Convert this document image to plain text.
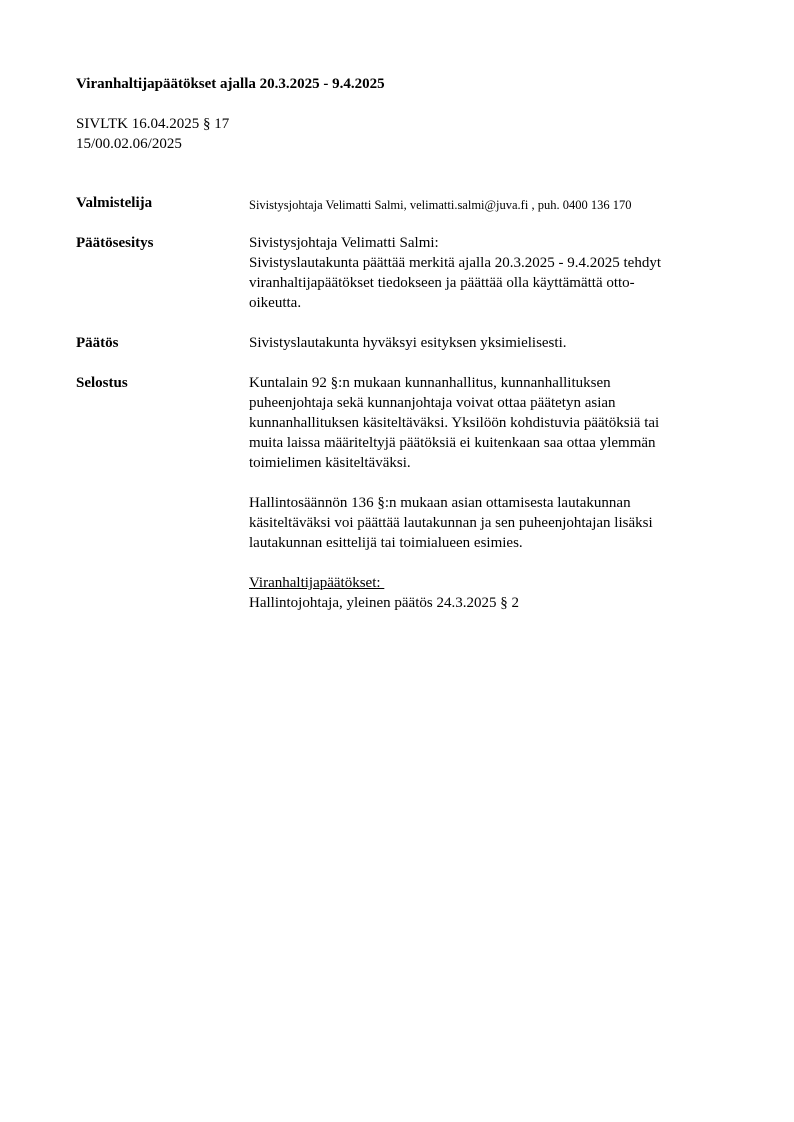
Viranhaltijapäätökset ajalla 20.3.2025 - 9.4.2025
SIVLTK 16.04.2025 § 17
15/00.02.06/2025
Valmistelija	Sivistysjohtaja Velimatti Salmi, velimatti.salmi@juva.fi , puh. 0400 136 170
Päätösesitys	Sivistysjohtaja Velimatti Salmi:
Sivistyslautakunta päättää merkitä ajalla 20.3.2025 - 9.4.2025 tehdyt
viranhaltijapäätökset tiedokseen ja päättää olla käyttämättä otto-
oikeutta.
Päätös	Sivistyslautakunta hyväksyi esityksen yksimielisesti.
Selostus	Kuntalain 92 §:n mukaan kunnanhallitus, kunnanhallituksen
puheenjohtaja sekä kunnanjohtaja voivat ottaa päätetyn asian
kunnanhallituksen käsiteltäväksi. Yksilöön kohdistuvia päätöksiä tai
muita laissa määriteltyjä päätöksiä ei kuitenkaan saa ottaa ylemmän
toimielimen käsiteltäväksi.
Hallintosäännön 136 §:n mukaan asian ottamisesta lautakunnan
käsiteltäväksi voi päättää lautakunnan ja sen puheenjohtajan lisäksi
lautakunnan esittelijä tai toimialueen esimies.
Viranhaltijapäätökset:
Hallintojohtaja, yleinen päätös 24.3.2025 § 2
